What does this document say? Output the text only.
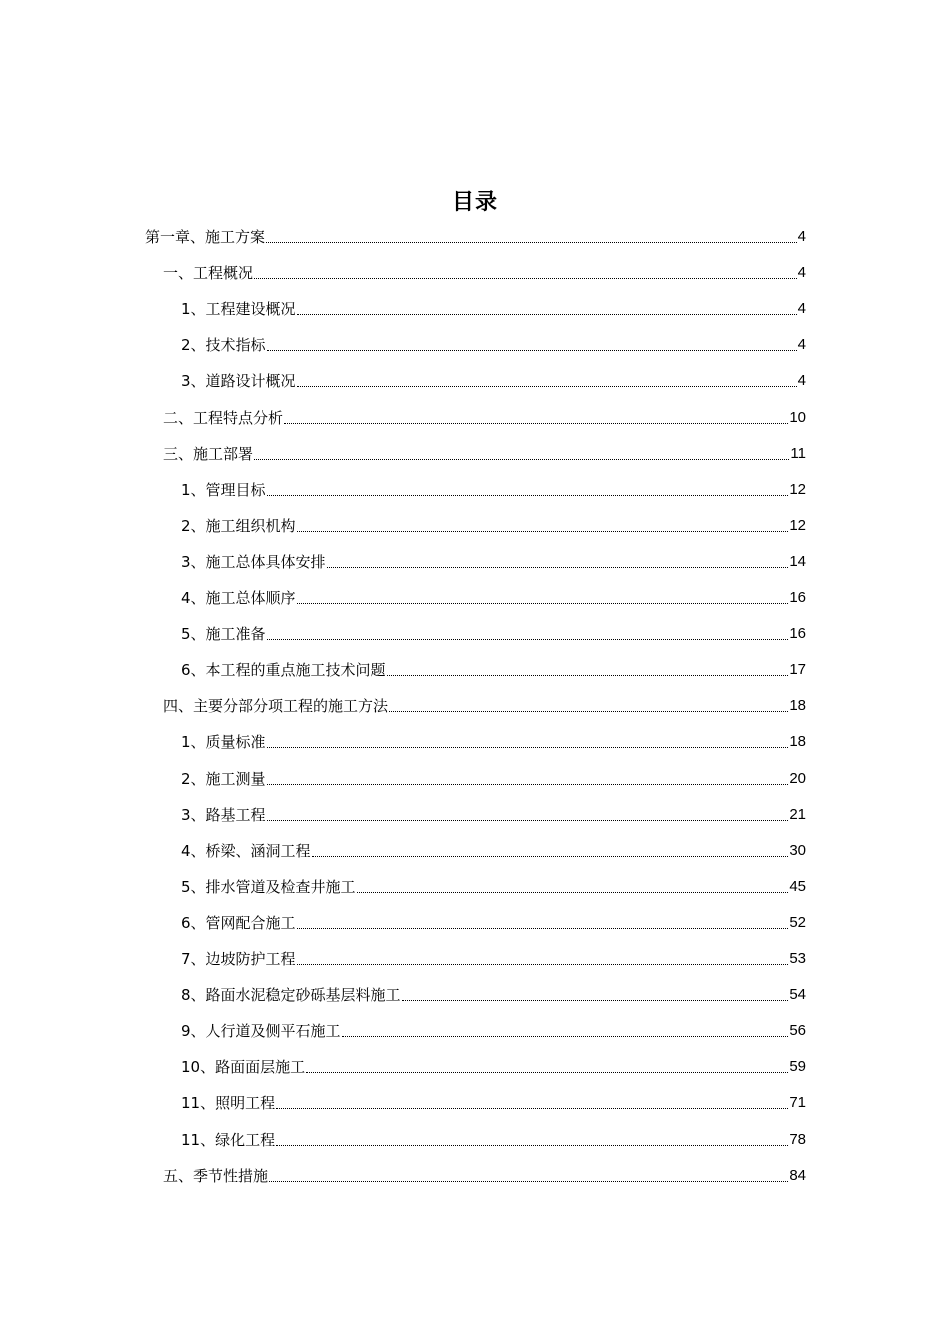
目录
第一章、施工方案	4
一、工程概况	4
1、工程建设概况	4
2、技术指标	4
3、道路设计概况	4
二、工程特点分析	10
三、施工部署	11
1、管理目标	12
2、施工组织机构	12
3、施工总体具体安排	14
4、施工总体顺序	16
5、施工准备	16
6、本工程的重点施工技术问题	17
四、主要分部分项工程的施工方法	18
1、质量标准	18
2、施工测量	20
3、路基工程	21
4、桥梁、涵洞工程	30
5、排水管道及检查井施工	45
6、管网配合施工	52
7、边坡防护工程	53
8、路面水泥稳定砂砾基层料施工	54
9、人行道及侧平石施工	56
10、路面面层施工	59
11、照明工程	71
11、绿化工程	78
五、季节性措施	84
